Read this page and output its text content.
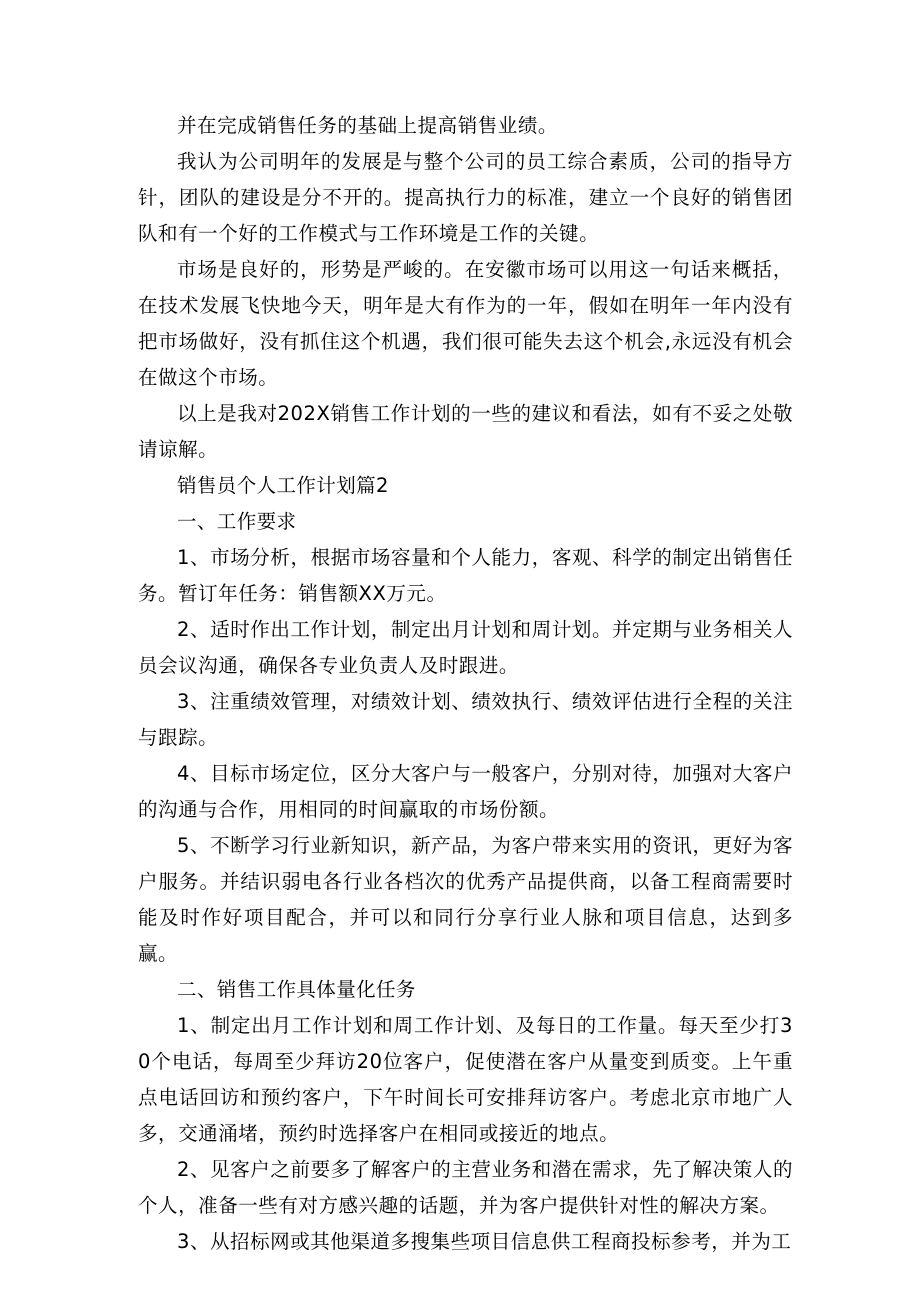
并在完成销售任务的基础上提高销售业绩。

我认为公司明年的发展是与整个公司的员工综合素质，公司的指导方针，团队的建设是分不开的。提高执行力的标准，建立一个良好的销售团队和有一个好的工作模式与工作环境是工作的关键。

市场是良好的，形势是严峻的。在安徽市场可以用这一句话来概括，在技术发展飞快地今天，明年是大有作为的一年，假如在明年一年内没有把市场做好，没有抓住这个机遇，我们很可能失去这个机会,永远没有机会在做这个市场。

以上是我对202X销售工作计划的一些的建议和看法，如有不妥之处敬请谅解。

销售员个人工作计划篇2

一、工作要求

1、市场分析，根据市场容量和个人能力，客观、科学的制定出销售任务。暂订年任务：销售额XX万元。

2、适时作出工作计划，制定出月计划和周计划。并定期与业务相关人员会议沟通，确保各专业负责人及时跟进。

3、注重绩效管理，对绩效计划、绩效执行、绩效评估进行全程的关注与跟踪。

4、目标市场定位，区分大客户与一般客户，分别对待，加强对大客户的沟通与合作，用相同的时间赢取的市场份额。

5、不断学习行业新知识，新产品，为客户带来实用的资讯，更好为客户服务。并结识弱电各行业各档次的优秀产品提供商，以备工程商需要时能及时作好项目配合，并可以和同行分享行业人脉和项目信息，达到多赢。

二、销售工作具体量化任务

1、制定出月工作计划和周工作计划、及每日的工作量。每天至少打30个电话，每周至少拜访20位客户，促使潜在客户从量变到质变。上午重点电话回访和预约客户，下午时间长可安排拜访客户。考虑北京市地广人多，交通涌堵，预约时选择客户在相同或接近的地点。

2、见客户之前要多了解客户的主营业务和潜在需求，先了解决策人的个人，准备一些有对方感兴趣的话题，并为客户提供针对性的解决方案。

3、从招标网或其他渠道多搜集些项目信息供工程商投标参考，并为工
